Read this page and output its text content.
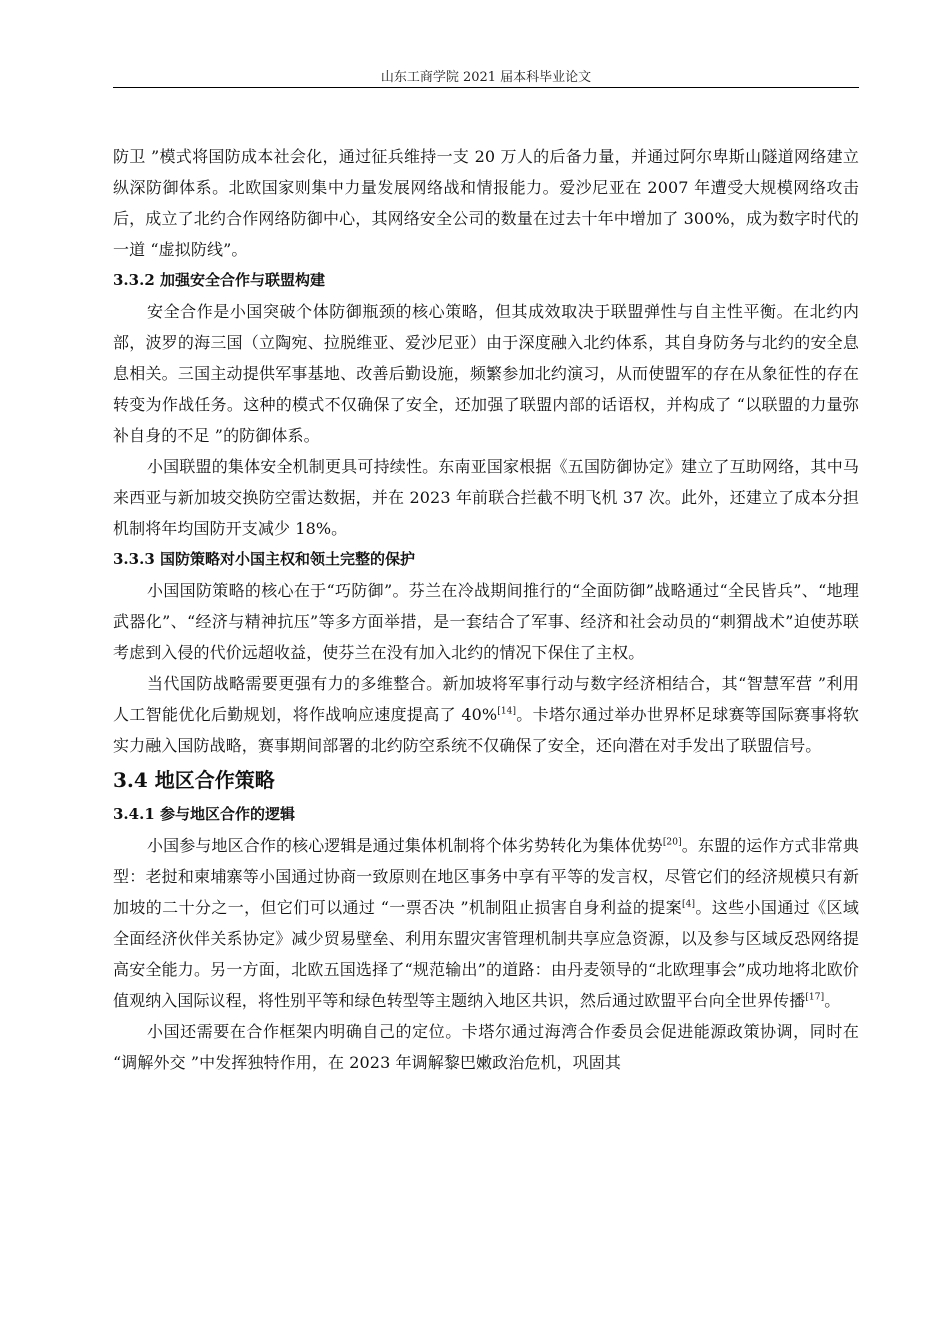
山东工商学院 2021 届本科毕业论文

防卫 ”模式将国防成本社会化，通过征兵维持一支 20 万人的后备力量，并通过阿尔卑斯山隧道网络建立纵深防御体系。北欧国家则集中力量发展网络战和情报能力。爱沙尼亚在 2007 年遭受大规模网络攻击后，成立了北约合作网络防御中心，其网络安全公司的数量在过去十年中增加了 300%，成为数字时代的一道 “虚拟防线”。

3.3.2 加强安全合作与联盟构建

安全合作是小国突破个体防御瓶颈的核心策略，但其成效取决于联盟弹性与自主性平衡。在北约内部，波罗的海三国（立陶宛、拉脱维亚、爱沙尼亚）由于深度融入北约体系，其自身防务与北约的安全息息相关。三国主动提供军事基地、改善后勤设施，频繁参加北约演习，从而使盟军的存在从象征性的存在转变为作战任务。这种的模式不仅确保了安全，还加强了联盟内部的话语权，并构成了 “以联盟的力量弥补自身的不足 ”的防御体系。

小国联盟的集体安全机制更具可持续性。东南亚国家根据《五国防御协定》建立了互助网络，其中马来西亚与新加坡交换防空雷达数据，并在 2023 年前联合拦截不明飞机 37 次。此外，还建立了成本分担机制将年均国防开支减少 18%。

3.3.3 国防策略对小国主权和领土完整的保护

小国国防策略的核心在于“巧防御”。芬兰在冷战期间推行的“全面防御”战略通过“全民皆兵”、“地理武器化”、“经济与精神抗压”等多方面举措，是一套结合了军事、经济和社会动员的“刺猬战术”迫使苏联考虑到入侵的代价远超收益，使芬兰在没有加入北约的情况下保住了主权。

当代国防战略需要更强有力的多维整合。新加坡将军事行动与数字经济相结合，其“智慧军营 ”利用人工智能优化后勤规划，将作战响应速度提高了 40%[14]。卡塔尔通过举办世界杯足球赛等国际赛事将软实力融入国防战略，赛事期间部署的北约防空系统不仅确保了安全，还向潜在对手发出了联盟信号。

3.4 地区合作策略
3.4.1 参与地区合作的逻辑

小国参与地区合作的核心逻辑是通过集体机制将个体劣势转化为集体优势[20]。东盟的运作方式非常典型：老挝和柬埔寨等小国通过协商一致原则在地区事务中享有平等的发言权，尽管它们的经济规模只有新加坡的二十分之一，但它们可以通过 “一票否决 ”机制阻止损害自身利益的提案[4]。这些小国通过《区域全面经济伙伴关系协定》减少贸易壁垒、利用东盟灾害管理机制共享应急资源，以及参与区域反恐网络提高安全能力。另一方面，北欧五国选择了“规范输出”的道路：由丹麦领导的“北欧理事会”成功地将北欧价值观纳入国际议程，将性别平等和绿色转型等主题纳入地区共识，然后通过欧盟平台向全世界传播[17]。

小国还需要在合作框架内明确自己的定位。卡塔尔通过海湾合作委员会促进能源政策协调，同时在 “调解外交 ”中发挥独特作用，在 2023 年调解黎巴嫩政治危机，巩固其
